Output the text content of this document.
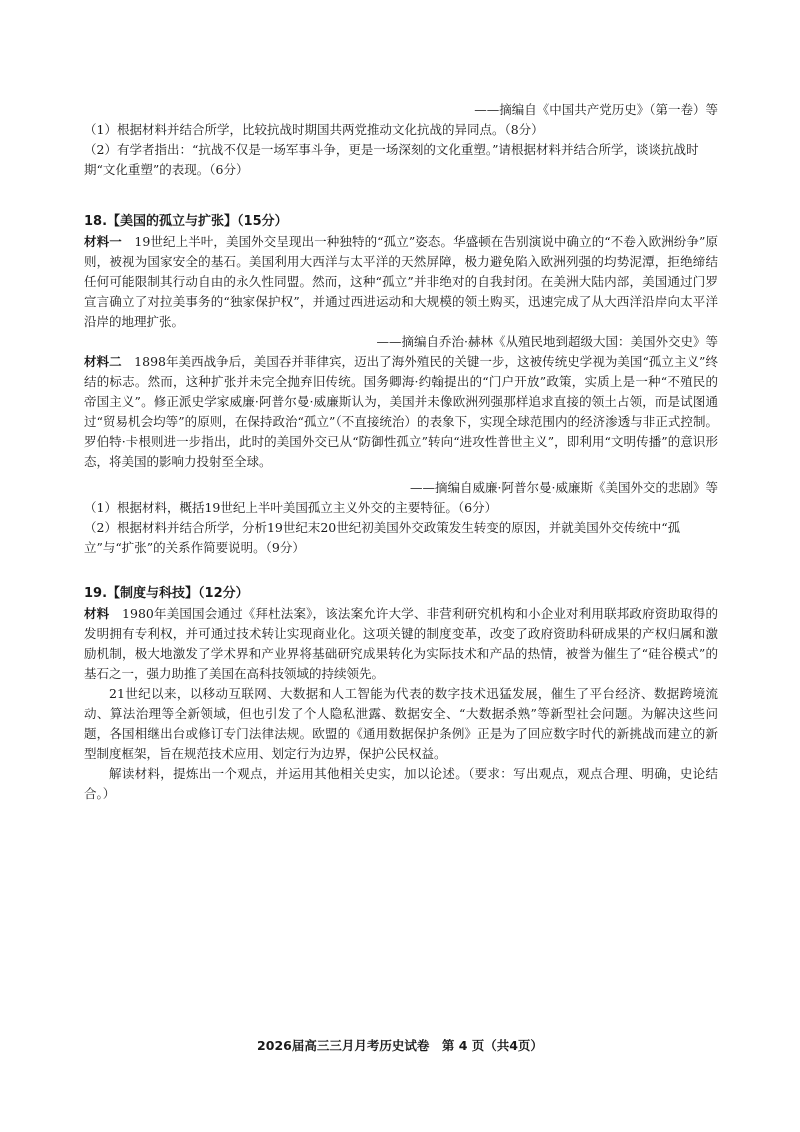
——摘编自《中国共产党历史》（第一卷）等

（1）根据材料并结合所学，比较抗战时期国共两党推动文化抗战的异同点。（8分）

（2）有学者指出：“抗战不仅是一场军事斗争，更是一场深刻的文化重塑。”请根据材料并结合所学，谈谈抗战时期“文化重塑”的表现。（6分）

18.【美国的孤立与扩张】（15分）

材料一　19世纪上半叶，美国外交呈现出一种独特的“孤立”姿态。华盛顿在告别演说中确立的“不卷入欧洲纷争”原则，被视为国家安全的基石。美国利用大西洋与太平洋的天然屏障，极力避免陷入欧洲列强的均势泥潭，拒绝缔结任何可能限制其行动自由的永久性同盟。然而，这种“孤立”并非绝对的自我封闭。在美洲大陆内部，美国通过门罗宣言确立了对拉美事务的“独家保护权”，并通过西进运动和大规模的领土购买，迅速完成了从大西洋沿岸向太平洋沿岸的地理扩张。

——摘编自乔治·赫林《从殖民地到超级大国：美国外交史》等

材料二　1898年美西战争后，美国吞并菲律宾，迈出了海外殖民的关键一步，这被传统史学视为美国“孤立主义”终结的标志。然而，这种扩张并未完全抛弃旧传统。国务卿海·约翰提出的“门户开放”政策，实质上是一种“不殖民的帝国主义”。修正派史学家威廉·阿普尔曼·威廉斯认为，美国并未像欧洲列强那样追求直接的领土占领，而是试图通过“贸易机会均等”的原则，在保持政治“孤立”（不直接统治）的表象下，实现全球范围内的经济渗透与非正式控制。罗伯特·卡根则进一步指出，此时的美国外交已从“防御性孤立”转向“进攻性普世主义”，即利用“文明传播”的意识形态，将美国的影响力投射至全球。

——摘编自威廉·阿普尔曼·威廉斯《美国外交的悲剧》等

（1）根据材料，概括19世纪上半叶美国孤立主义外交的主要特征。（6分）

（2）根据材料并结合所学，分析19世纪末20世纪初美国外交政策发生转变的原因，并就美国外交传统中“孤立”与“扩张”的关系作简要说明。（9分）

19.【制度与科技】（12分）

材料　1980年美国国会通过《拜杜法案》，该法案允许大学、非营利研究机构和小企业对利用联邦政府资助取得的发明拥有专利权，并可通过技术转让实现商业化。这项关键的制度变革，改变了政府资助科研成果的产权归属和激励机制，极大地激发了学术界和产业界将基础研究成果转化为实际技术和产品的热情，被誉为催生了“硅谷模式”的基石之一，强力助推了美国在高科技领域的持续领先。

21世纪以来，以移动互联网、大数据和人工智能为代表的数字技术迅猛发展，催生了平台经济、数据跨境流动、算法治理等全新领域，但也引发了个人隐私泄露、数据安全、“大数据杀熟”等新型社会问题。为解决这些问题，各国相继出台或修订专门法律法规。欧盟的《通用数据保护条例》正是为了回应数字时代的新挑战而建立的新型制度框架，旨在规范技术应用、划定行为边界，保护公民权益。

解读材料，提炼出一个观点，并运用其他相关史实，加以论述。（要求：写出观点，观点合理、明确，史论结合。）

2026届高三三月月考历史试卷　第 4 页（共4页）
